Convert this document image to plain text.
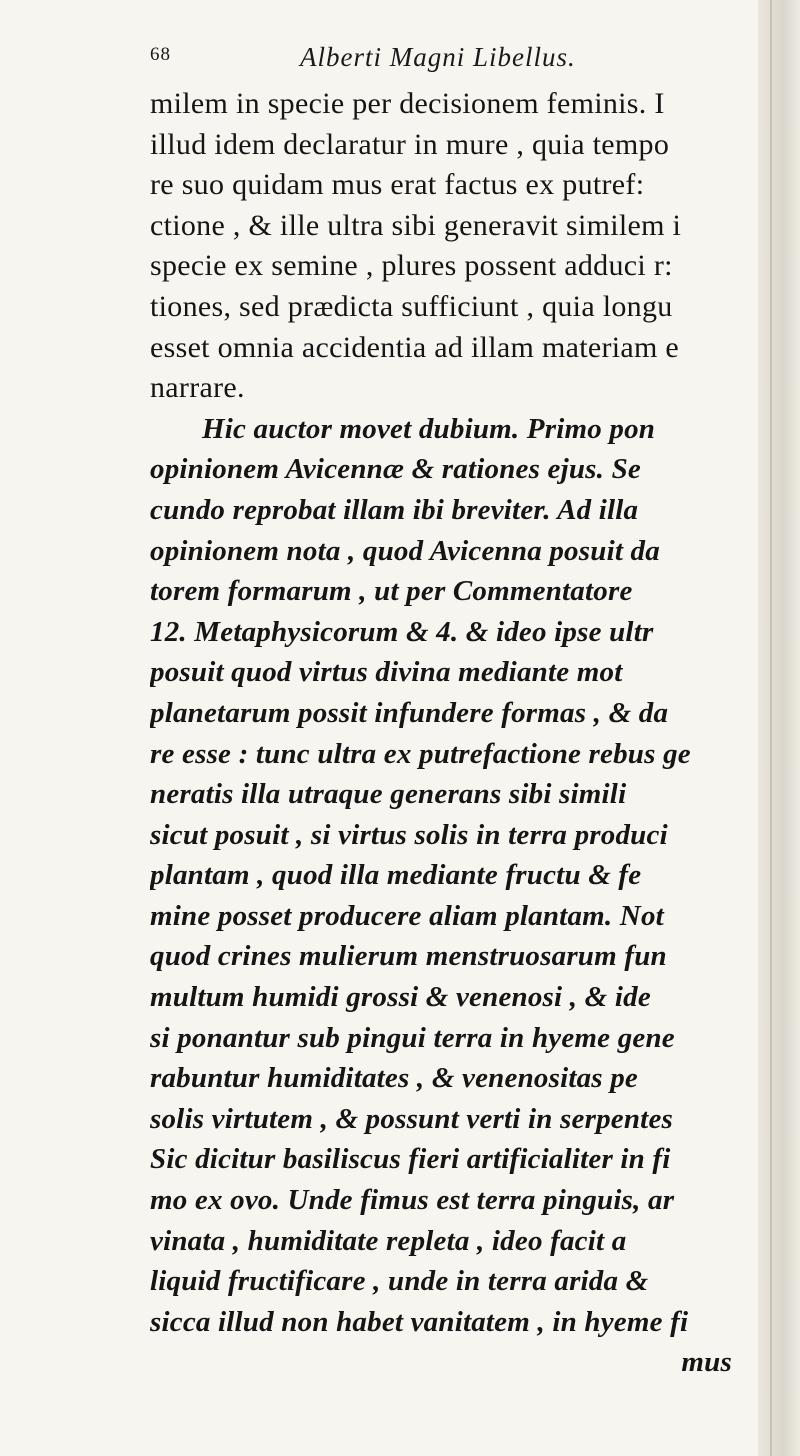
68	Alberti Magni Libellus.
milem in specie per decisionem feminis. I
illud idem declaratur in mure , quia tempo
re suo quidam mus erat factus ex putref:
ctione , & ille ultra sibi generavit similem i
specie ex semine , plures possent adduci r:
tiones, sed prædicta sufficiunt , quia longu
esset omnia accidentia ad illam materiam e
narrare.
Hic auctor movet dubium. Primo pon
opinionem Avicennæ & rationes ejus. Se
cundo reprobat illam ibi breviter. Ad illa
opinionem nota , quod Avicenna posuit da
torem formarum , ut per Commentatore
12. Metaphysicorum & 4. & ideo ipse ultr
posuit quod virtus divina mediante mot
planetarum possit infundere formas , & da
re esse : tunc ultra ex putrefactione rebus ge
neratis illa utraque generans sibi simili
sicut posuit , si virtus solis in terra produci
plantam , quod illa mediante fructu & fe
mine posset producere aliam plantam. Not
quod crines mulierum menstruosarum fun
multum humidi grossi & venenosi , & ide
si ponantur sub pingui terra in hyeme gene
rabuntur humiditates , & venenositas pe
solis virtutem , & possunt verti in serpentes
Sic dicitur basiliscus fieri artificialiter in fi
mo ex ovo. Unde fimus est terra pinguis, ar
vinata , humiditate repleta , ideo facit a
liquid fructificare , unde in terra arida &
sicca illud non habet vanitatem , in hyeme fi
mus
